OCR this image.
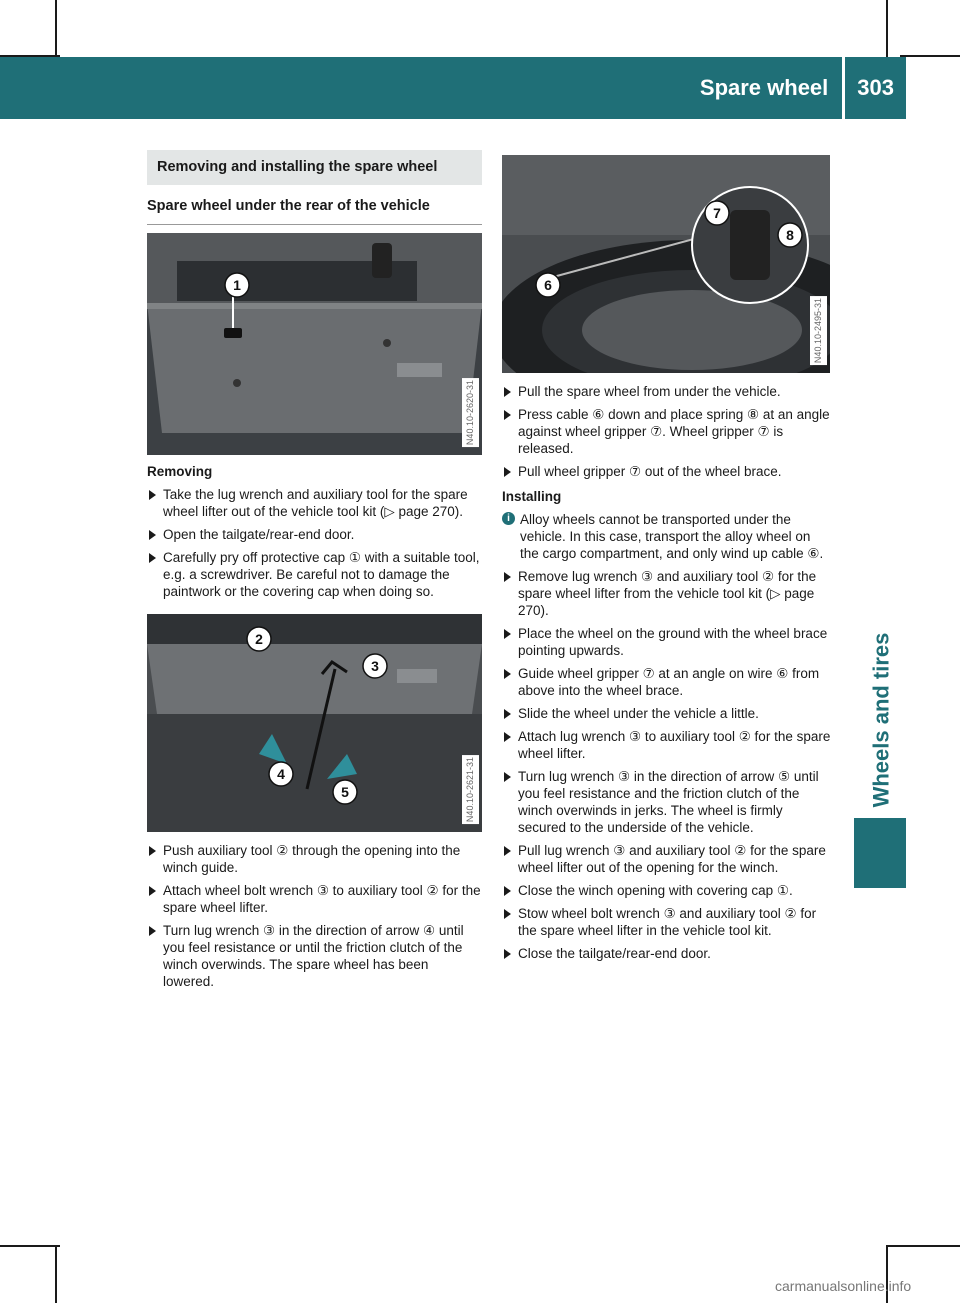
Spare wheel	303
Wheels and tires
Removing and installing the spare wheel
Spare wheel under the rear of the vehicle
1
N40.10-2620-31
Removing
Take the lug wrench and auxiliary tool for the spare wheel lifter out of the vehicle tool kit (▷ page 270).
Open the tailgate/rear-end door.
Carefully pry off protective cap ① with a suitable tool, e.g. a screwdriver. Be careful not to damage the paintwork or the covering cap when doing so.
2
3
4
5	N40.10-2621-31
Push auxiliary tool ② through the opening into the winch guide.
Attach wheel bolt wrench ③ to auxiliary tool ② for the spare wheel lifter.
Turn lug wrench ③ in the direction of arrow ④ until you feel resistance or until the friction clutch of the winch overwinds. The spare wheel has been lowered.
7
8
6
N40.10-2495-31
Pull the spare wheel from under the vehicle.
Press cable ⑥ down and place spring ⑧ at an angle against wheel gripper ⑦. Wheel gripper ⑦ is released.
Pull wheel gripper ⑦ out of the wheel brace.
Installing
i Alloy wheels cannot be transported under the vehicle. In this case, transport the alloy wheel on the cargo compartment, and only wind up cable ⑥.
Remove lug wrench ③ and auxiliary tool ② for the spare wheel lifter from the vehicle tool kit (▷ page 270).
Place the wheel on the ground with the wheel brace pointing upwards.
Guide wheel gripper ⑦ at an angle on wire ⑥ from above into the wheel brace.
Slide the wheel under the vehicle a little.
Attach lug wrench ③ to auxiliary tool ② for the spare wheel lifter.
Turn lug wrench ③ in the direction of arrow ⑤ until you feel resistance and the friction clutch of the winch overwinds in jerks. The wheel is firmly secured to the underside of the vehicle.
Pull lug wrench ③ and auxiliary tool ② for the spare wheel lifter out of the opening for the winch.
Close the winch opening with covering cap ①.
Stow wheel bolt wrench ③ and auxiliary tool ② for the spare wheel lifter in the vehicle tool kit.
Close the tailgate/rear-end door.
carmanualsonline.info
